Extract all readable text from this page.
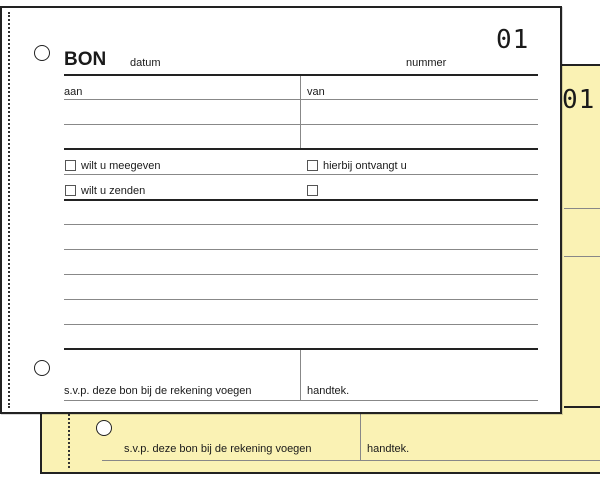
01
s.v.p. deze bon bij de rekening voegen	handtek.
BON datum	nummer
01
aan	van
wilt u meegeven	hierbij ontvangt u
wilt u zenden
s.v.p. deze bon bij de rekening voegen	handtek.
